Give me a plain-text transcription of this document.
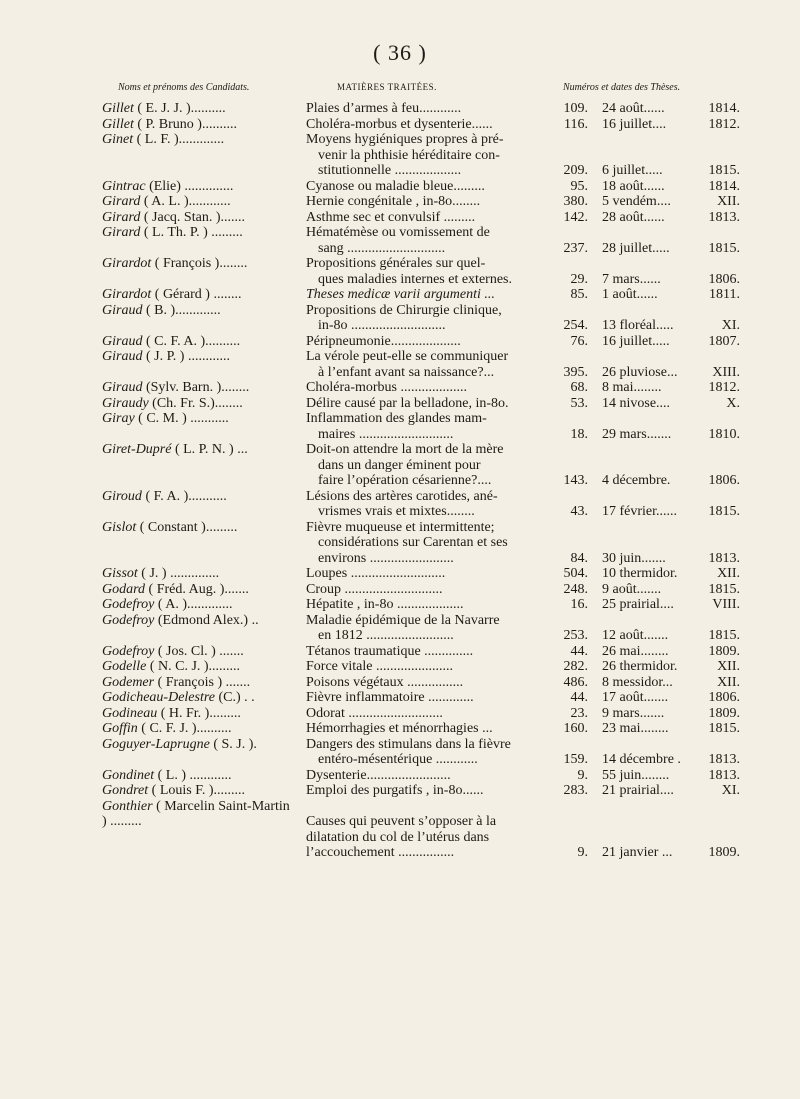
( 36 )
Noms et prénoms des Candidats.	MATIÈRES TRAITÉES.	Numéros et dates des Thèses.
Gillet ( E. J. J. )..........	Plaies d’armes à feu............	109. 24 août......	1814.
Gillet ( P. Bruno )..........	Choléra-morbus et dysenterie......	116. 16 juillet....	1812.
Ginet ( L. F. ).............	Moyens hygiéniques propres à pré-
venir la phthisie héréditaire con-
stitutionnelle ...................	209. 6 juillet.....	1815.
Gintrac (Elie) ..............	Cyanose ou maladie bleue.........	95. 18 août......	1814.
Girard ( A. L. )............	Hernie congénitale , in-8o........	380. 5 vendém....	XII.
Girard ( Jacq. Stan. ).......	Asthme sec et convulsif .........	142. 28 août......	1813.
Girard ( L. Th. P. ) .........	Hématémèse ou vomissement de
sang ............................	237. 28 juillet.....	1815.
Girardot ( François )........	Propositions générales sur quel-
ques maladies internes et externes.	29. 7 mars......	1806.
Girardot ( Gérard ) ........	Theses medicæ varii argumenti ...	85. 1 août......	1811.
Giraud ( B. ).............	Propositions de Chirurgie clinique,
in-8o ...........................	254. 13 floréal.....	XI.
Giraud ( C. F. A. )..........	Péripneumonie....................	76. 16 juillet.....	1807.
Giraud ( J. P. ) ............	La vérole peut-elle se communiquer
à l’enfant avant sa naissance?...	395. 26 pluviose... XIII.
Giraud (Sylv. Barn. )........	Choléra-morbus ...................	68. 8 mai........	1812.
Giraudy (Ch. Fr. S.)........	Délire causé par la belladone, in-8o.	53. 14 nivose....	X.
Giray ( C. M. ) ...........	Inflammation des glandes mam-
maires ...........................	18. 29 mars.......	1810.
Giret-Dupré ( L. P. N. ) ...	Doit-on attendre la mort de la mère
dans un danger éminent pour
faire l’opération césarienne?....	143. 4 décembre.	1806.
Giroud ( F. A. )...........	Lésions des artères carotides, ané-
vrismes vrais et mixtes........	43. 17 février...... 1815.
Gislot ( Constant ).........	Fièvre muqueuse et intermittente;
considérations sur Carentan et ses
environs ........................	84. 30 juin.......	1813.
Gissot ( J. ) ..............	Loupes ...........................	504. 10 thermidor.	XII.
Godard ( Fréd. Aug. ).......	Croup ............................	248. 9 août.......	1815.
Godefroy ( A. ).............	Hépatite , in-8o ...................	16. 25 prairial....	VIII.
Godefroy (Edmond Alex.) ..	Maladie épidémique de la Navarre
en 1812 .........................	253. 12 août.......	1815.
Godefroy ( Jos. Cl. ) .......	Tétanos traumatique ..............	44. 26 mai........	1809.
Godelle ( N. C. J. ).........	Force vitale ......................	282. 26 thermidor.	XII.
Godemer ( François ) .......	Poisons végétaux ................	486. 8 messidor...	XII.
Godicheau-Delestre (C.) . .	Fièvre inflammatoire .............	44. 17 août.......	1806.
Godineau ( H. Fr. ).........	Odorat ...........................	23. 9 mars.......	1809.
Goffin ( C. F. J. )..........	Hémorrhagies et ménorrhagies ...	160. 23 mai........	1815.
Goguyer-Laprugne ( S. J. ).	Dangers des stimulans dans la fièvre
entéro-mésentérique ............	159. 14 décembre . 1813.
Gondinet ( L. ) ............	Dysenterie........................	9. 55 juin........	1813.
Gondret ( Louis F. ).........	Emploi des purgatifs , in-8o......	283. 21 prairial....	XI.
Gonthier ( Marcelin Saint-Martin ) .........
	Causes qui peuvent s’opposer à la
dilatation du col de l’utérus dans
l’accouchement ................	9. 21 janvier ...	1809.
